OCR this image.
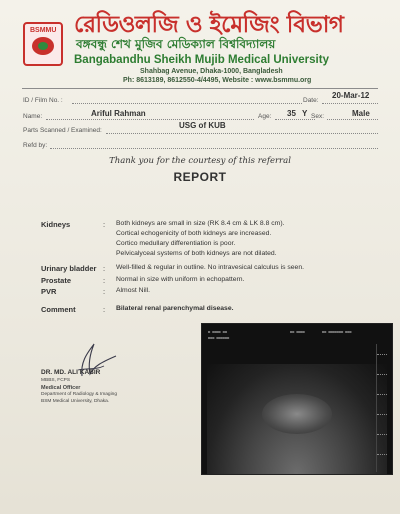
BSMMU রেডিওলজি ও ইমেজিং বিভাগ
বঙ্গবন্ধু শেখ মুজিব মেডিক্যাল বিশ্ববিদ্যালয়
Bangabandhu Sheikh Mujib Medical University
Shahbag Avenue, Dhaka-1000, Bangladesh
Ph: 8613189, 8612550-4/4495, Website : www.bsmmu.org
ID / Film No. :
20-Mar-12
Date:
Name:	Ariful Rahman	Age: 35 Y Sex:	Male
USG of KUB
Parts Scanned / Examined:
Refd by:
Thank you for the courtesy of this referral
REPORT
Kidneys	: Both kidneys are small in size (RK 8.4 cm & LK 8.8 cm).
Cortical echogenicity of both kidneys are increased.
Cortico medullary differentiation is poor.
Pelvicalyceal systems of both kidneys are not dilated.
Urinary bladder : Well-filled & regular in outline. No intravesical calculus is seen.
Prostate	: Normal in size with uniform in echopattern.
PVR	: Almost Nill.
Comment	: Bilateral renal parenchymal disease.
DR. MD. ALI KABIR
MBBS, FCPS
Medical Officer
Department of Radiology & Imaging
BSM Medical University, Dhaka.
▬ ▬▬▬▬ ▬▬
▬▬▬ ▬▬▬▬▬▬
▬▬ ▬▬▬▬	▬▬ ▬▬▬▬▬▬▬ ▬▬▬
